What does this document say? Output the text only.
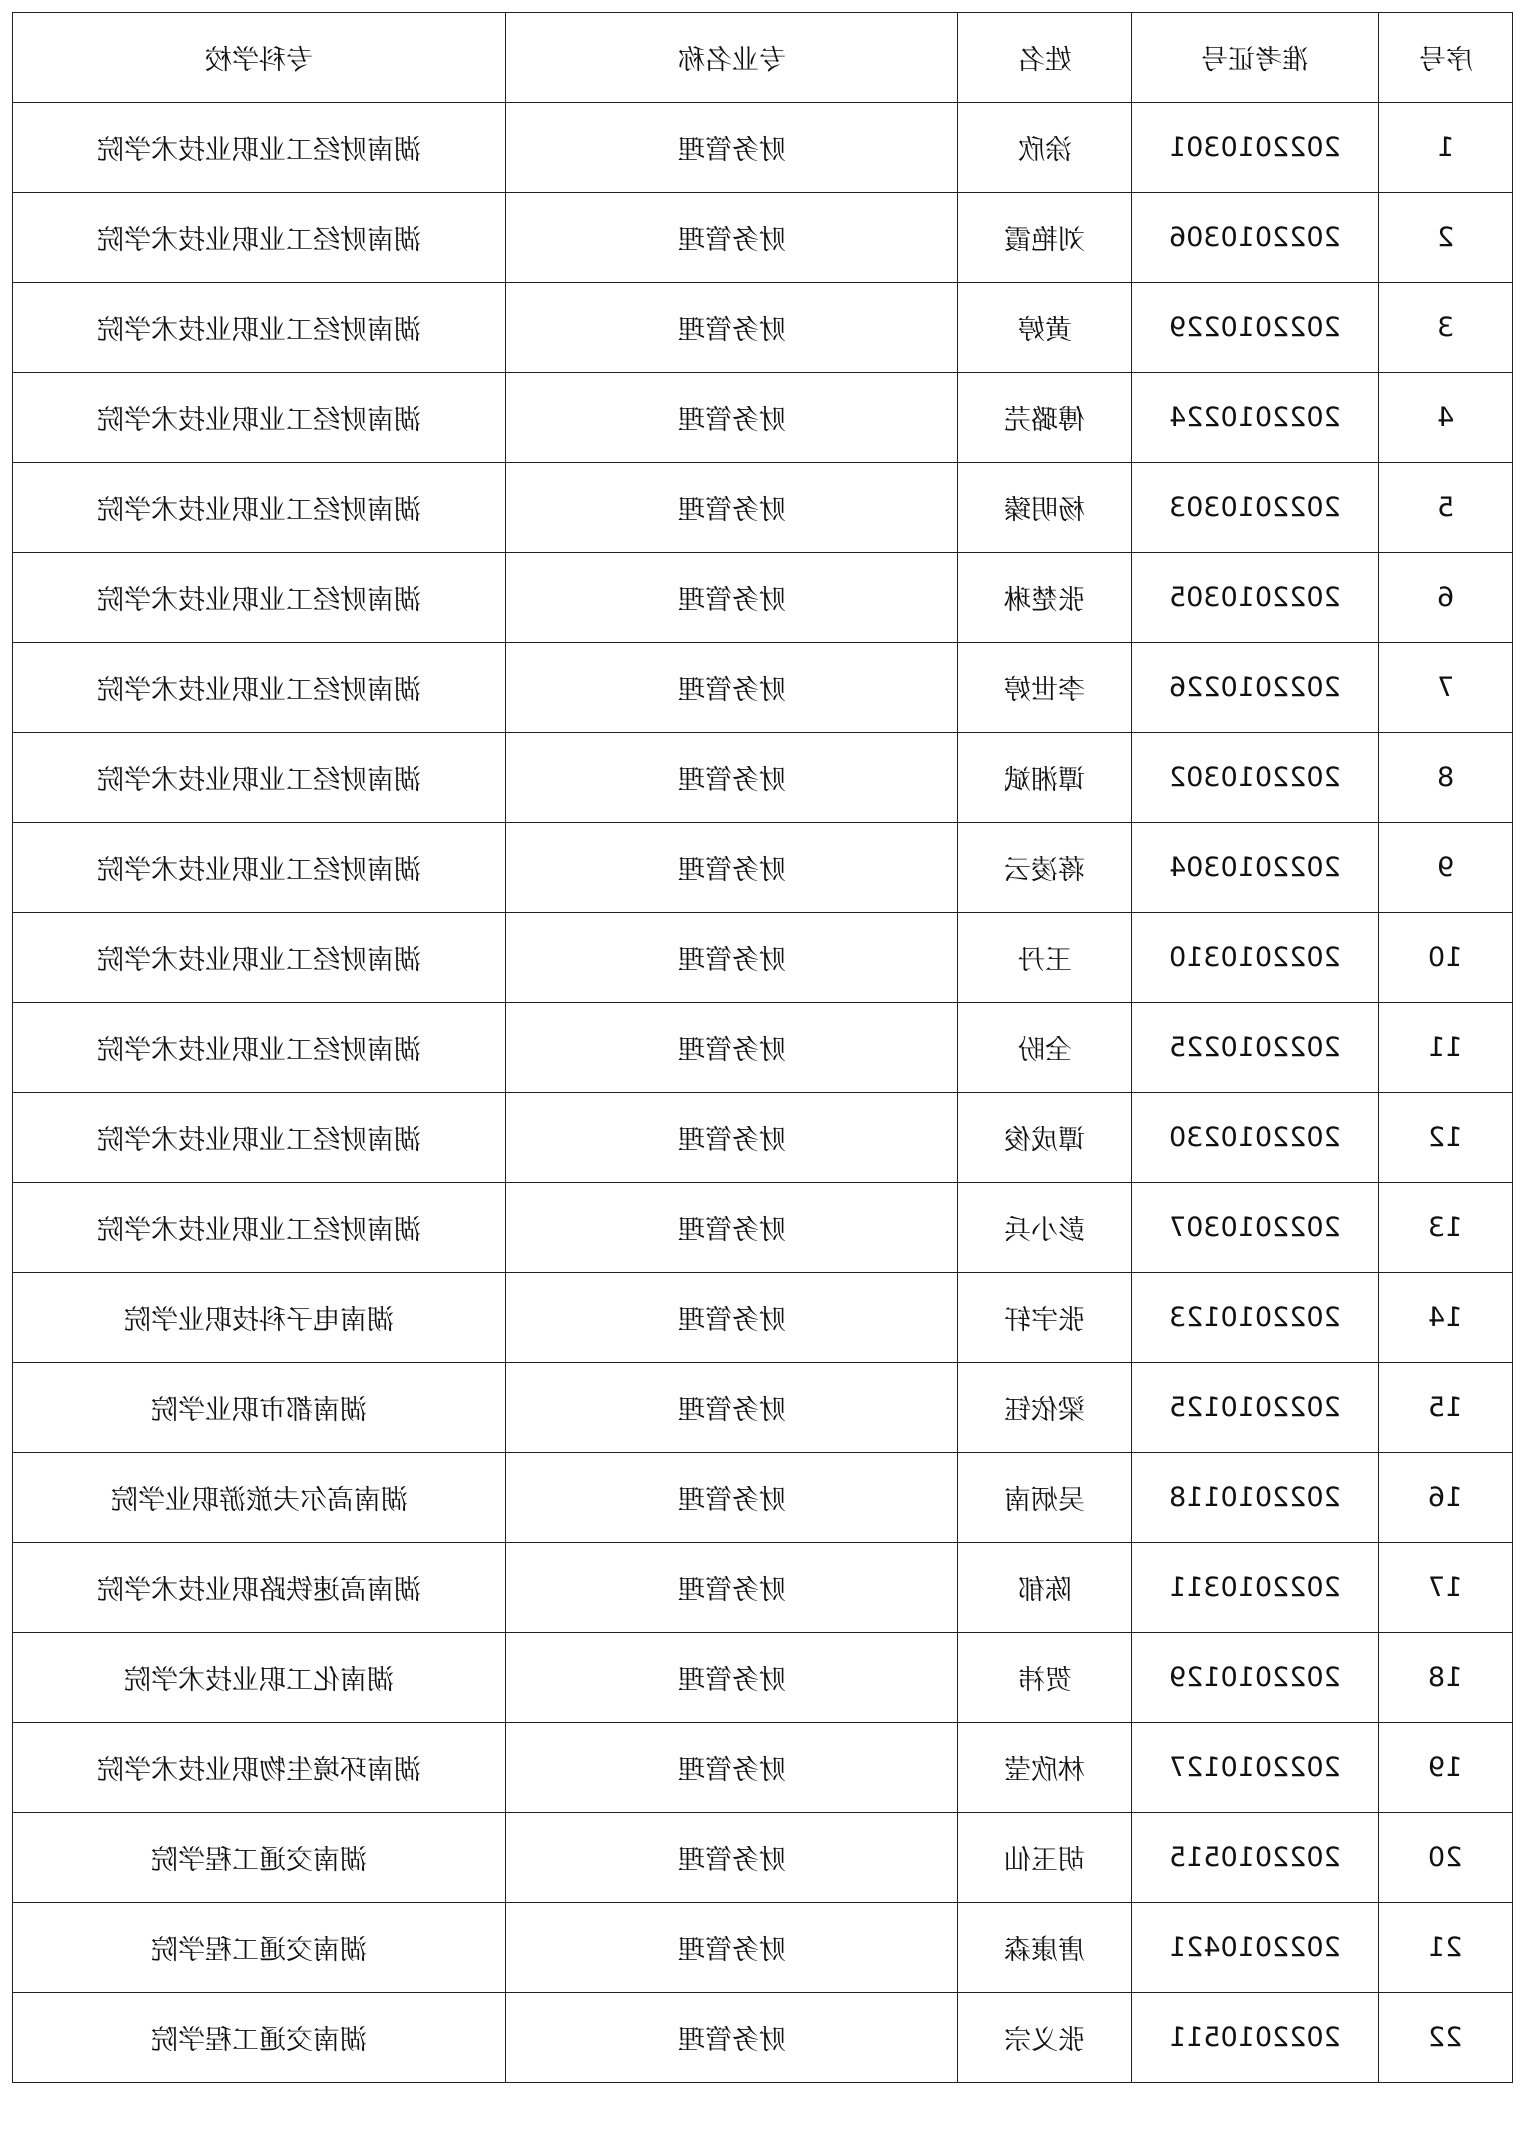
专科学校	专业名称	姓名	准考证号	序号
湖南财经工业职业技术学院	财务管理	涂欣	2022010301	1
湖南财经工业职业技术学院	财务管理	刘艳霞	2022010306	2
湖南财经工业职业技术学院	财务管理	黄婷	2022010229	3
湖南财经工业职业技术学院	财务管理	傅璐芫	2022010224	4
湖南财经工业职业技术学院	财务管理	杨明臻	2022010303	5
湖南财经工业职业技术学院	财务管理	张楚琳	2022010305	6
湖南财经工业职业技术学院	财务管理	李世婷	2022010226	7
湖南财经工业职业技术学院	财务管理	谭湘斌	2022010302	8
湖南财经工业职业技术学院	财务管理	蒋凌云	2022010304	9
湖南财经工业职业技术学院	财务管理	王丹	2022010310	10
湖南财经工业职业技术学院	财务管理	全盼	2022010225	11
湖南财经工业职业技术学院	财务管理	谭成俊	2022010230	12
湖南财经工业职业技术学院	财务管理	彭小兵	2022010307	13
湖南电子科技职业学院	财务管理	张宇轩	2022010123	14
湖南都市职业学院	财务管理	梁依钰	2022010125	15
湖南高尔夫旅游职业学院	财务管理	吴炳南	2022010118	16
湖南高速铁路职业技术学院	财务管理	陈郁	2022010311	17
湖南化工职业技术学院	财务管理	贺祎	2022010129	18
湖南环境生物职业技术学院	财务管理	林欣莹	2022010127	19
湖南交通工程学院	财务管理	胡玉仙	2022010515	20
湖南交通工程学院	财务管理	唐康森	2022010421	21
湖南交通工程学院	财务管理	张义宗	2022010511	22
